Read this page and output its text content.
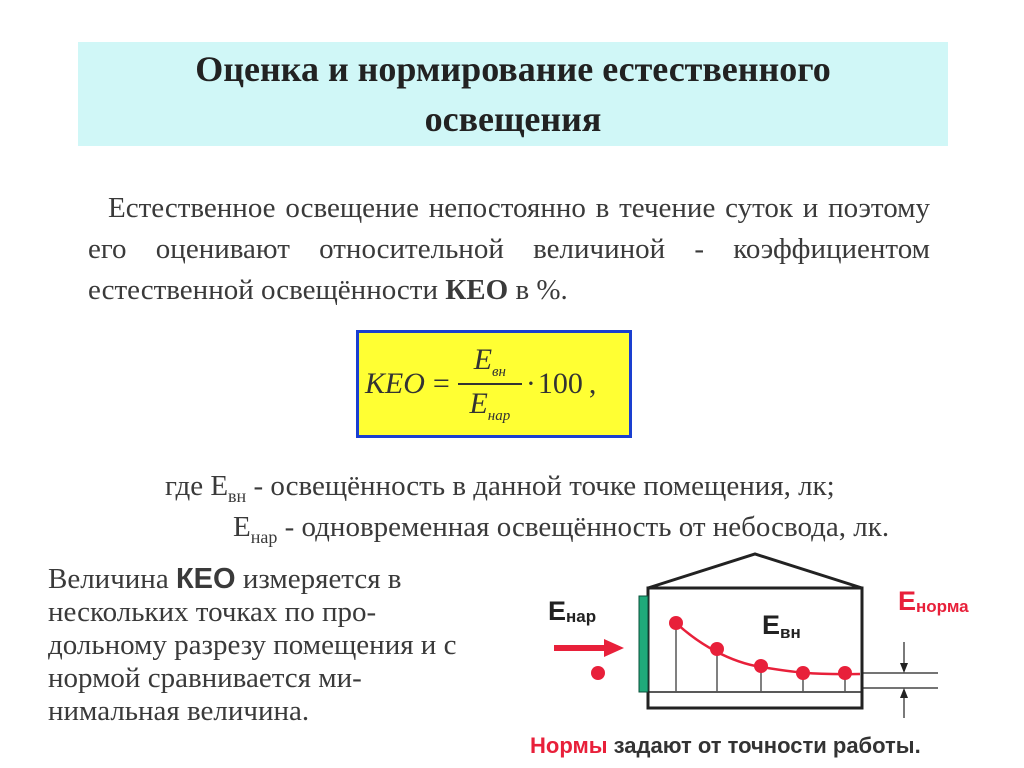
Оценка и нормирование естественного
освещения

Естественное освещение непостоянно в течение суток и поэтому его оценивают относительной величиной - коэффициентом естественной освещённости КЕО в %.

КЕО = $\frac{E_{вн}}{E_{нар}} \cdot 100$ ,
где $Е_{вн}$ - освещённость в данной точке помещения, лк;
$Е_{нар}$ - одновременная освещённость от небосвода, лк.

Величина КЕО измеряется в нескольких точках по про-дольному разрезу помещения и с нормой сравнивается ми-нимальная величина.

Енар	Евн
Енорма
Нормы задают от точности работы.
